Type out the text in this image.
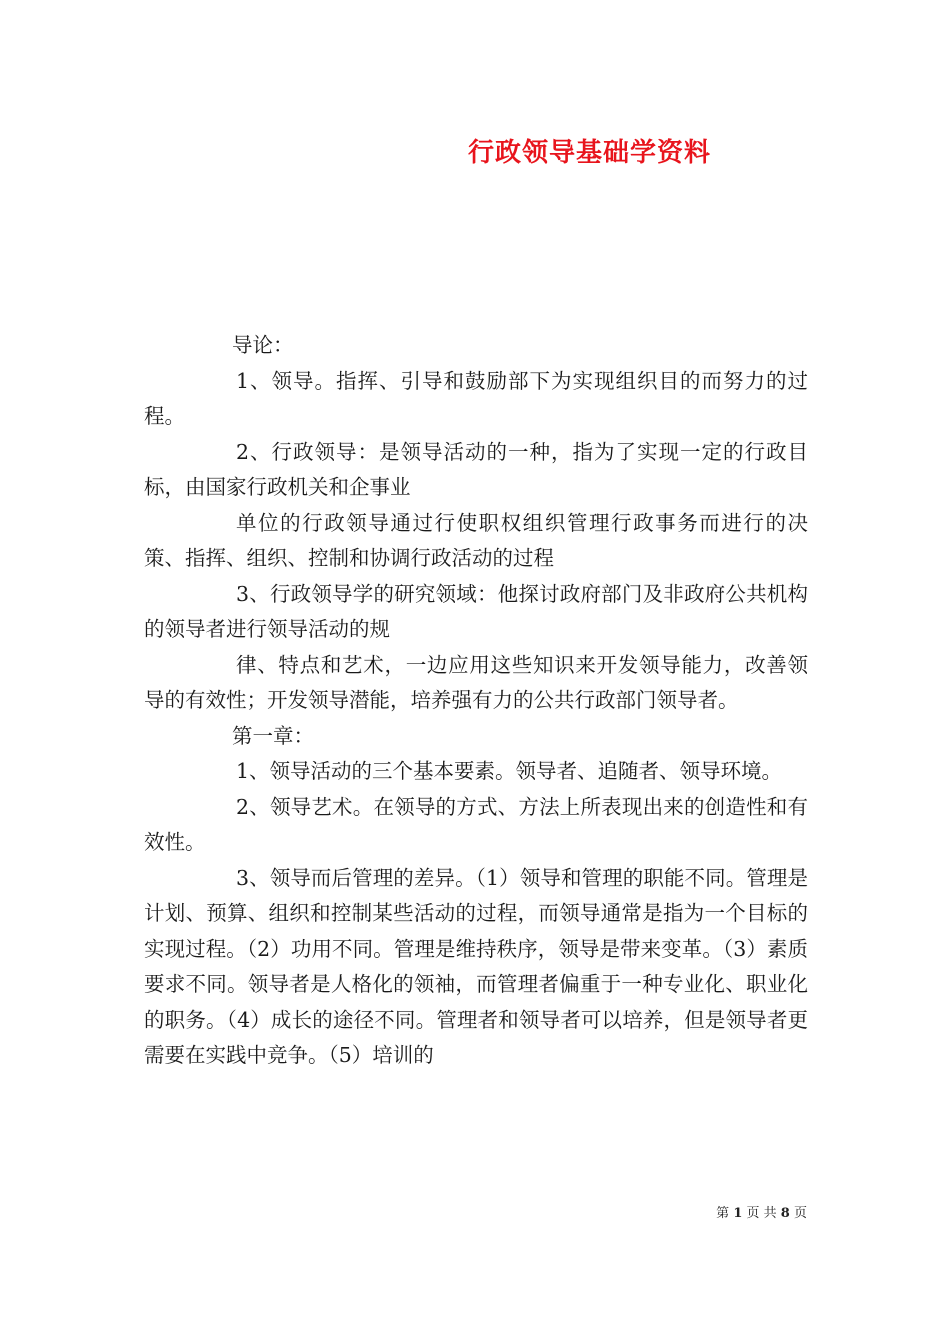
行政领导基础学资料

导论：

1、领导。指挥、引导和鼓励部下为实现组织目的而努力的过程。

2、行政领导：是领导活动的一种，指为了实现一定的行政目标，由国家行政机关和企事业

单位的行政领导通过行使职权组织管理行政事务而进行的决策、指挥、组织、控制和协调行政活动的过程

3、行政领导学的研究领域：他探讨政府部门及非政府公共机构的领导者进行领导活动的规

律、特点和艺术，一边应用这些知识来开发领导能力，改善领导的有效性；开发领导潜能，培养强有力的公共行政部门领导者。

第一章：

1、领导活动的三个基本要素。领导者、追随者、领导环境。

2、领导艺术。在领导的方式、方法上所表现出来的创造性和有效性。

3、领导而后管理的差异。（1）领导和管理的职能不同。管理是计划、预算、组织和控制某些活动的过程，而领导通常是指为一个目标的实现过程。（2）功用不同。管理是维持秩序，领导是带来变革。（3）素质要求不同。领导者是人格化的领袖，而管理者偏重于一种专业化、职业化的职务。（4）成长的途径不同。管理者和领导者可以培养，但是领导者更需要在实践中竞争。（5）培训的

第 1 页 共 8 页
